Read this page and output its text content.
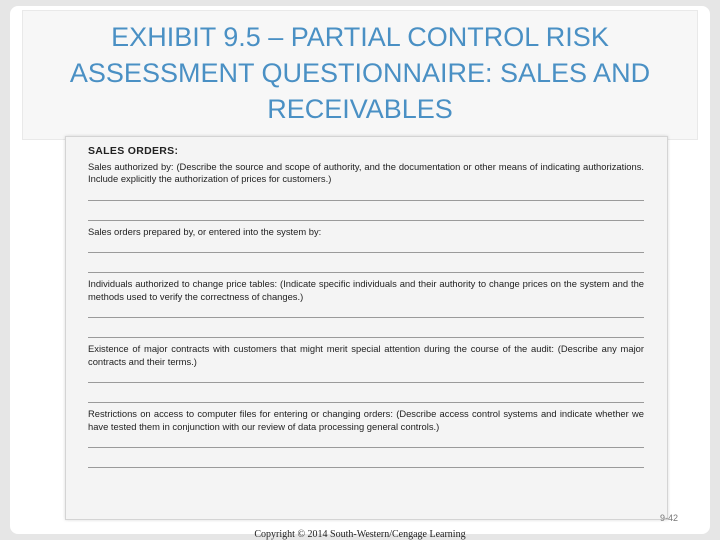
EXHIBIT 9.5 – PARTIAL CONTROL RISK
ASSESSMENT QUESTIONNAIRE: SALES AND
RECEIVABLES
SALES ORDERS:
Sales authorized by: (Describe the source and scope of authority, and the documentation or other means of indicating authorizations. Include explicitly the authorization of prices for customers.)
Sales orders prepared by, or entered into the system by:
Individuals authorized to change price tables: (Indicate specific individuals and their authority to change prices on the system and the methods used to verify the correctness of changes.)
Existence of major contracts with customers that might merit special attention during the course of the audit: (Describe any major contracts and their terms.)
Restrictions on access to computer files for entering or changing orders: (Describe access control systems and indicate whether we have tested them in conjunction with our review of data processing general controls.)
9-42
Copyright © 2014 South-Western/Cengage Learning
